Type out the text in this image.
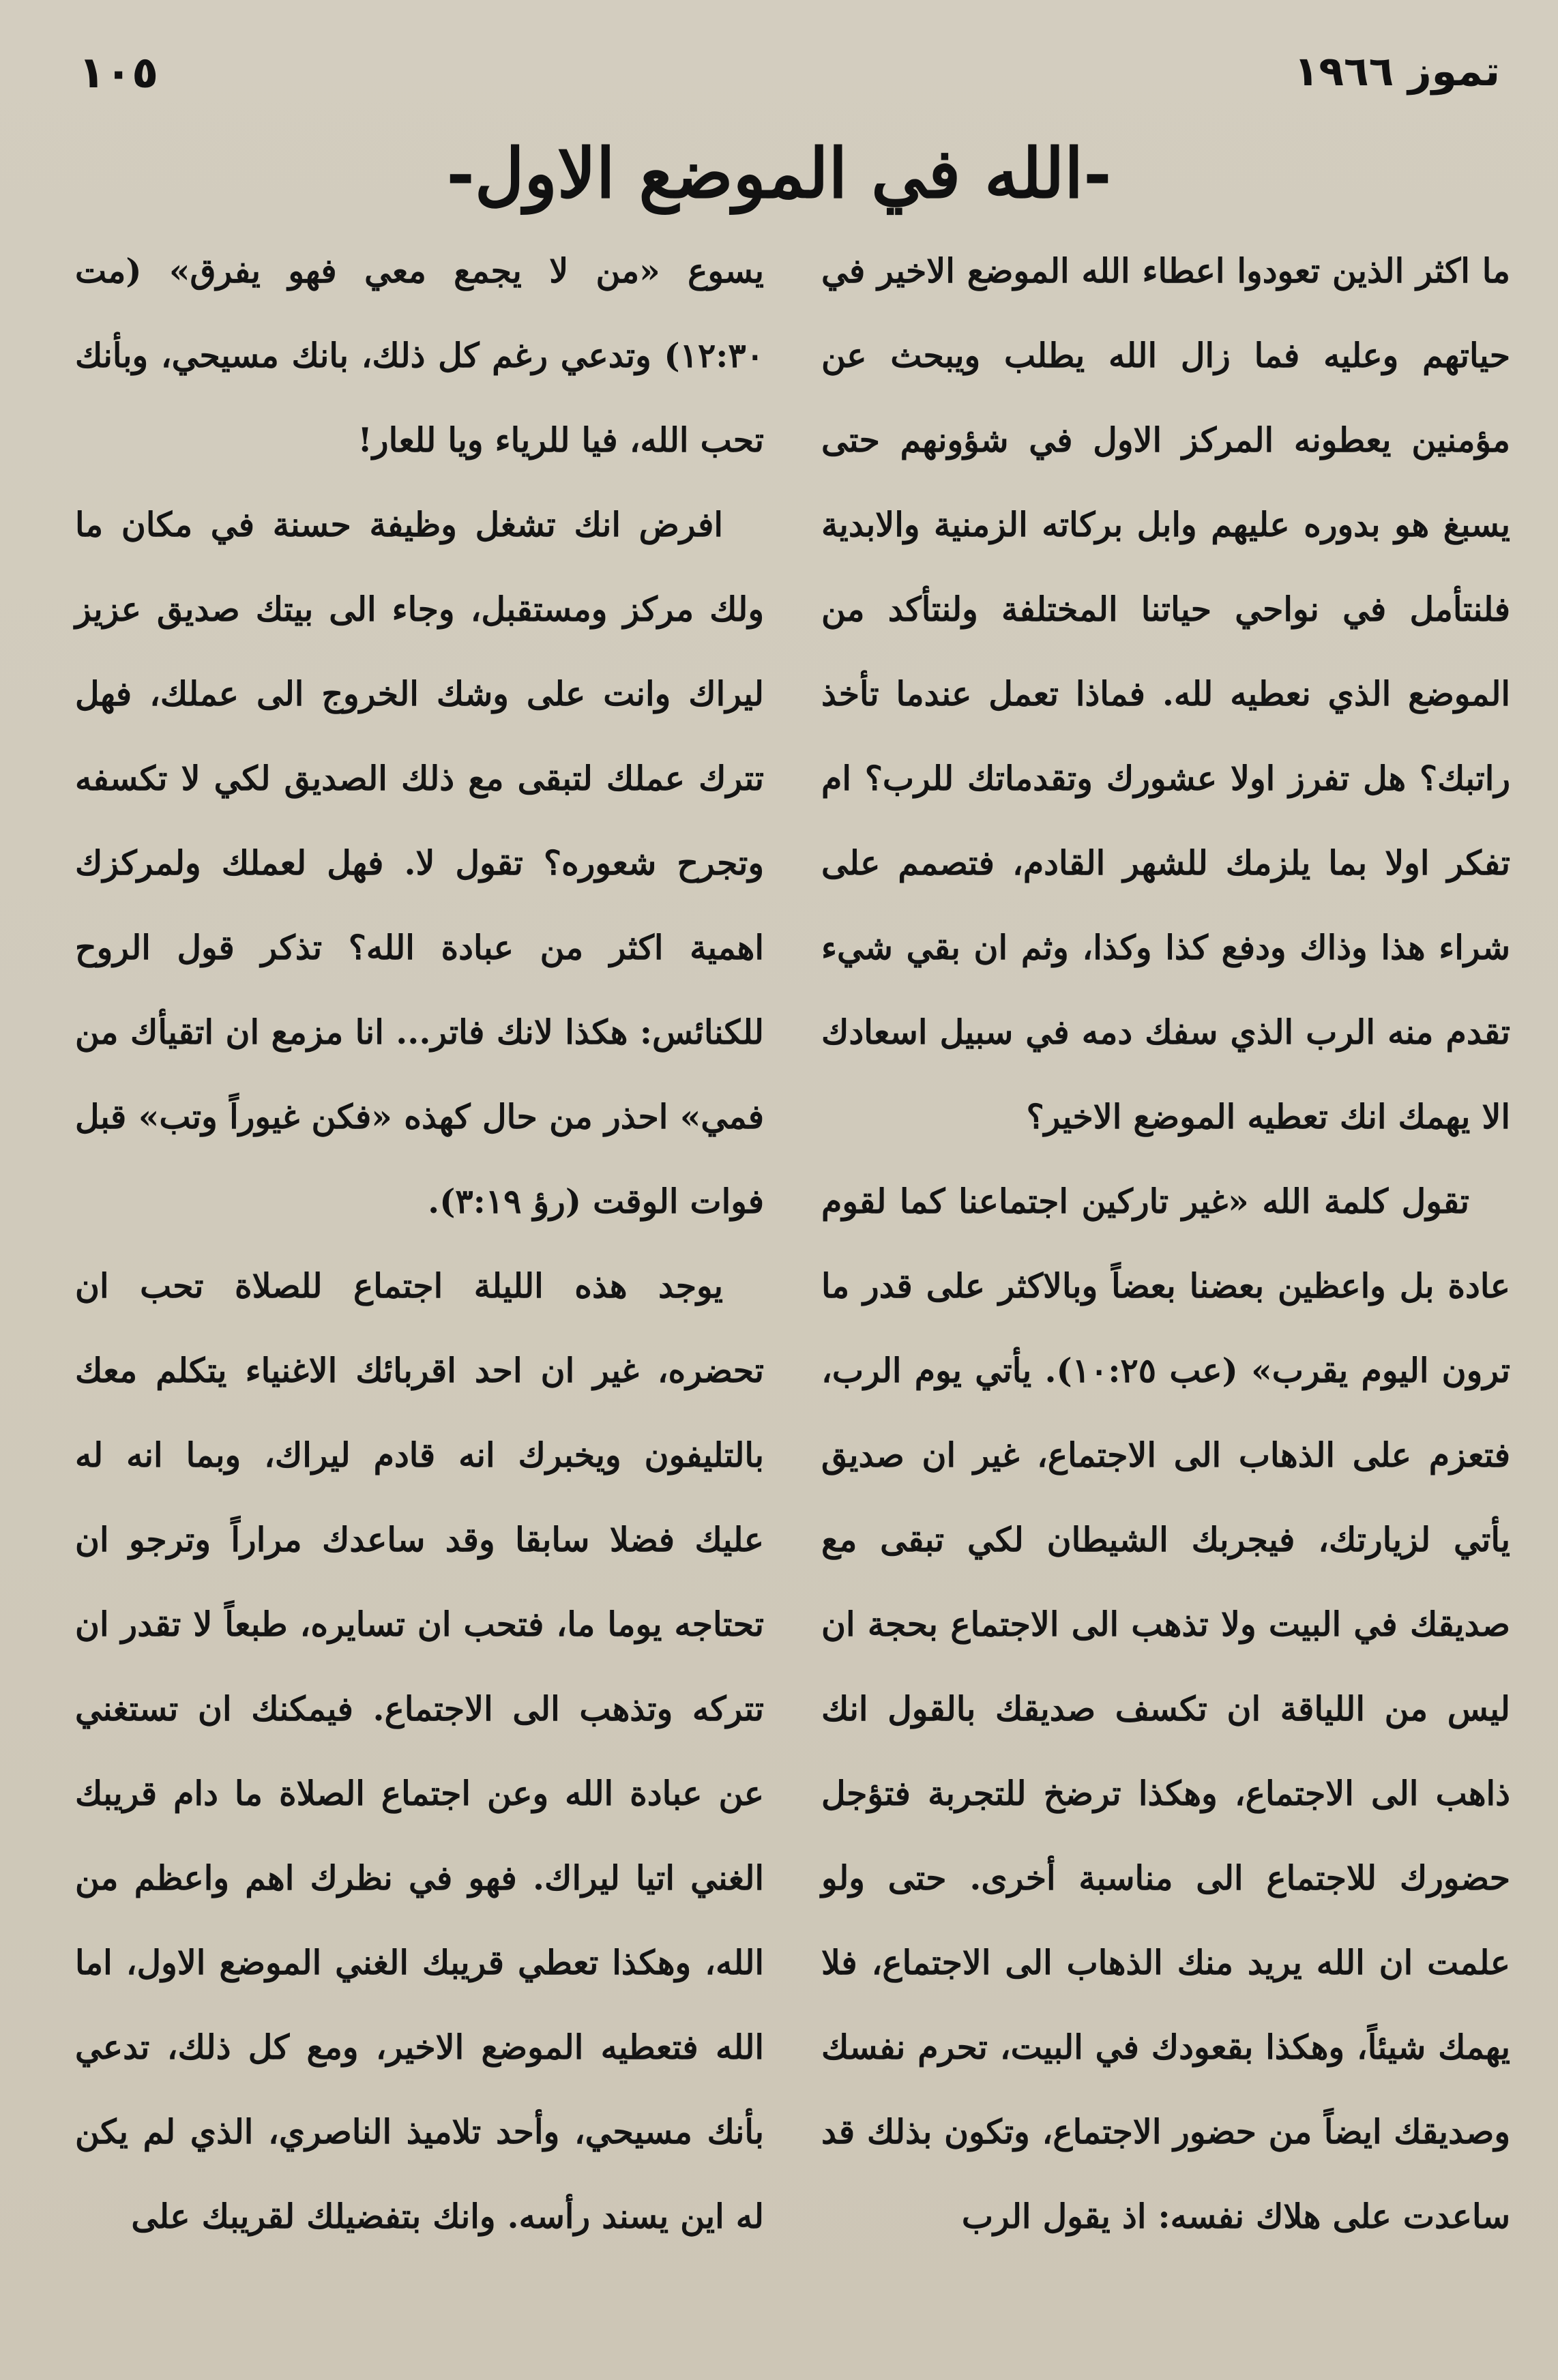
١٠٥	تموز ١٩٦٦
-الله في الموضع الاول-

ما اكثر الذين تعودوا اعطاء الله الموضع الاخير في حياتهم وعليه فما زال الله يطلب ويبحث عن مؤمنين يعطونه المركز الاول في شؤونهم حتى يسبغ هو بدوره عليهم وابل بركاته الزمنية والابدية فلنتأمل في نواحي حياتنا المختلفة ولنتأكد من الموضع الذي نعطيه لله. فماذا تعمل عندما تأخذ راتبك؟ هل تفرز اولا عشورك وتقدماتك للرب؟ ام تفكر اولا بما يلزمك للشهر القادم، فتصمم على شراء هذا وذاك ودفع كذا وكذا، وثم ان بقي شيء تقدم منه الرب الذي سفك دمه في سبيل اسعادك الا يهمك انك تعطيه الموضع الاخير؟

تقول كلمة الله «غير تاركين اجتماعنا كما لقوم عادة بل واعظين بعضنا بعضاً وبالاكثر على قدر ما ترون اليوم يقرب» (عب ١٠:٢٥). يأتي يوم الرب، فتعزم على الذهاب الى الاجتماع، غير ان صديق يأتي لزيارتك، فيجربك الشيطان لكي تبقى مع صديقك في البيت ولا تذهب الى الاجتماع بحجة ان ليس من اللياقة ان تكسف صديقك بالقول انك ذاهب الى الاجتماع، وهكذا ترضخ للتجربة فتؤجل حضورك للاجتماع الى مناسبة أخرى. حتى ولو علمت ان الله يريد منك الذهاب الى الاجتماع، فلا يهمك شيئاً، وهكذا بقعودك في البيت، تحرم نفسك وصديقك ايضاً من حضور الاجتماع، وتكون بذلك قد ساعدت على هلاك نفسه: اذ يقول الرب

يسوع «من لا يجمع معي فهو يفرق» (مت ١٢:٣٠) وتدعي رغم كل ذلك، بانك مسيحي، وبأنك تحب الله، فيا للرياء ويا للعار!

افرض انك تشغل وظيفة حسنة في مكان ما ولك مركز ومستقبل، وجاء الى بيتك صديق عزيز ليراك وانت على وشك الخروج الى عملك، فهل تترك عملك لتبقى مع ذلك الصديق لكي لا تكسفه وتجرح شعوره؟ تقول لا. فهل لعملك ولمركزك اهمية اكثر من عبادة الله؟ تذكر قول الروح للكنائس: هكذا لانك فاتر... انا مزمع ان اتقيأك من فمي» احذر من حال كهذه «فكن غيوراً وتب» قبل فوات الوقت (رؤ ٣:١٩).

يوجد هذه الليلة اجتماع للصلاة تحب ان تحضره، غير ان احد اقربائك الاغنياء يتكلم معك بالتليفون ويخبرك انه قادم ليراك، وبما انه له عليك فضلا سابقا وقد ساعدك مراراً وترجو ان تحتاجه يوما ما، فتحب ان تسايره، طبعاً لا تقدر ان تتركه وتذهب الى الاجتماع. فيمكنك ان تستغني عن عبادة الله وعن اجتماع الصلاة ما دام قريبك الغني اتيا ليراك. فهو في نظرك اهم واعظم من الله، وهكذا تعطي قريبك الغني الموضع الاول، اما الله فتعطيه الموضع الاخير، ومع كل ذلك، تدعي بأنك مسيحي، وأحد تلاميذ الناصري، الذي لم يكن له اين يسند رأسه. وانك بتفضيلك لقريبك على
